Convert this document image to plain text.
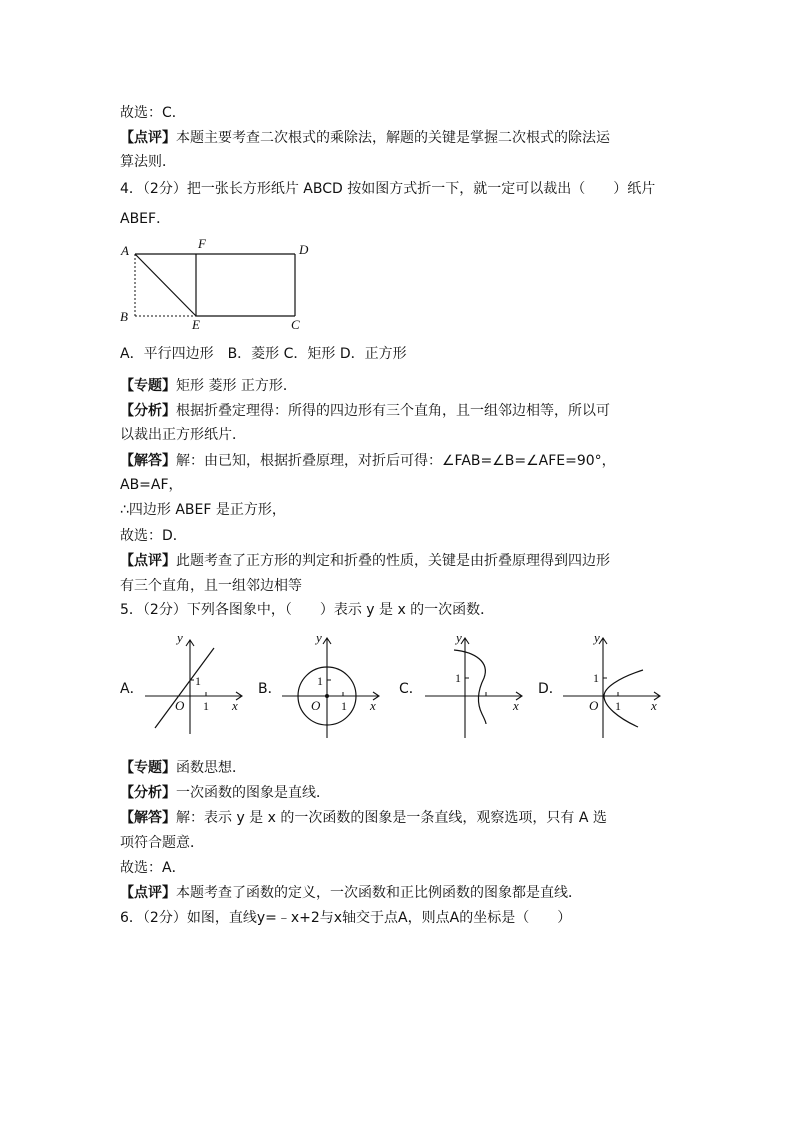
故选：C．
【点评】本题主要考查二次根式的乘除法，解题的关键是掌握二次根式的除法运
算法则．
4．（2分）把一张长方形纸片 ABCD 按如图方式折一下，就一定可以裁出（　　）纸片
ABEF．
A	F	D
B
E	C
A．平行四边形　B．菱形 C．矩形 D．正方形
【专题】矩形 菱形 正方形．
【分析】根据折叠定理得：所得的四边形有三个直角，且一组邻边相等，所以可
以裁出正方形纸片．
【解答】解：由已知，根据折叠原理，对折后可得：∠FAB=∠B=∠AFE=90°，
AB=AF，
∴四边形 ABEF 是正方形，
故选：D．
【点评】此题考查了正方形的判定和折叠的性质，关键是由折叠原理得到四边形
有三个直角，且一组邻边相等
5．（2分）下列各图象中，（　　）表示 y 是 x 的一次函数．
A．	B．	C．	D．
y
x
O 1
1
y
x
O 1
1
y
x
1
y
x
O 1
1
【专题】函数思想．
【分析】一次函数的图象是直线．
【解答】解：表示 y 是 x 的一次函数的图象是一条直线，观察选项，只有 A 选
项符合题意．
故选：A．
【点评】本题考查了函数的定义，一次函数和正比例函数的图象都是直线．
6．（2分）如图，直线y=﹣x+2与x轴交于点A，则点A的坐标是（　　）
